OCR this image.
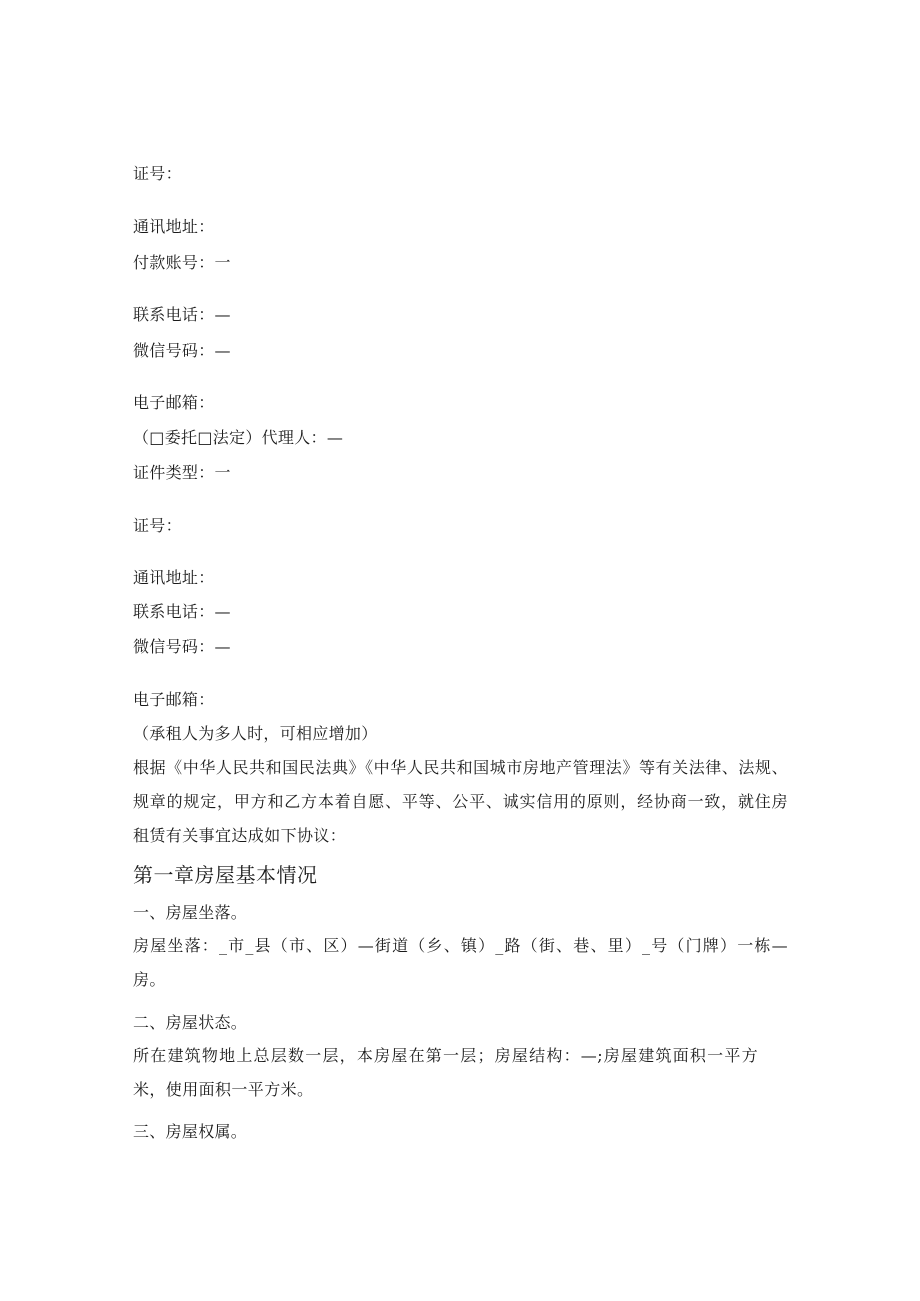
证号：
通讯地址：
付款账号：一
联系电话：—
微信号码：—
电子邮箱：
（□委托□法定）代理人：—
证件类型：一
证号：
通讯地址：
联系电话：—
微信号码：—
电子邮箱：
（承租人为多人时，可相应增加）
根据《中华人民共和国民法典》《中华人民共和国城市房地产管理法》等有关法律、法规、规章的规定，甲方和乙方本着自愿、平等、公平、诚实信用的原则，经协商一致，就住房租赁有关事宜达成如下协议：
第一章房屋基本情况
一、房屋坐落。
房屋坐落：_市_县（市、区）—街道（乡、镇）_路（街、巷、里）_号（门牌）一栋—房。
二、房屋状态。
所在建筑物地上总层数一层，本房屋在第一层；房屋结构：—;房屋建筑面积一平方米，使用面积一平方米。
三、房屋权属。
